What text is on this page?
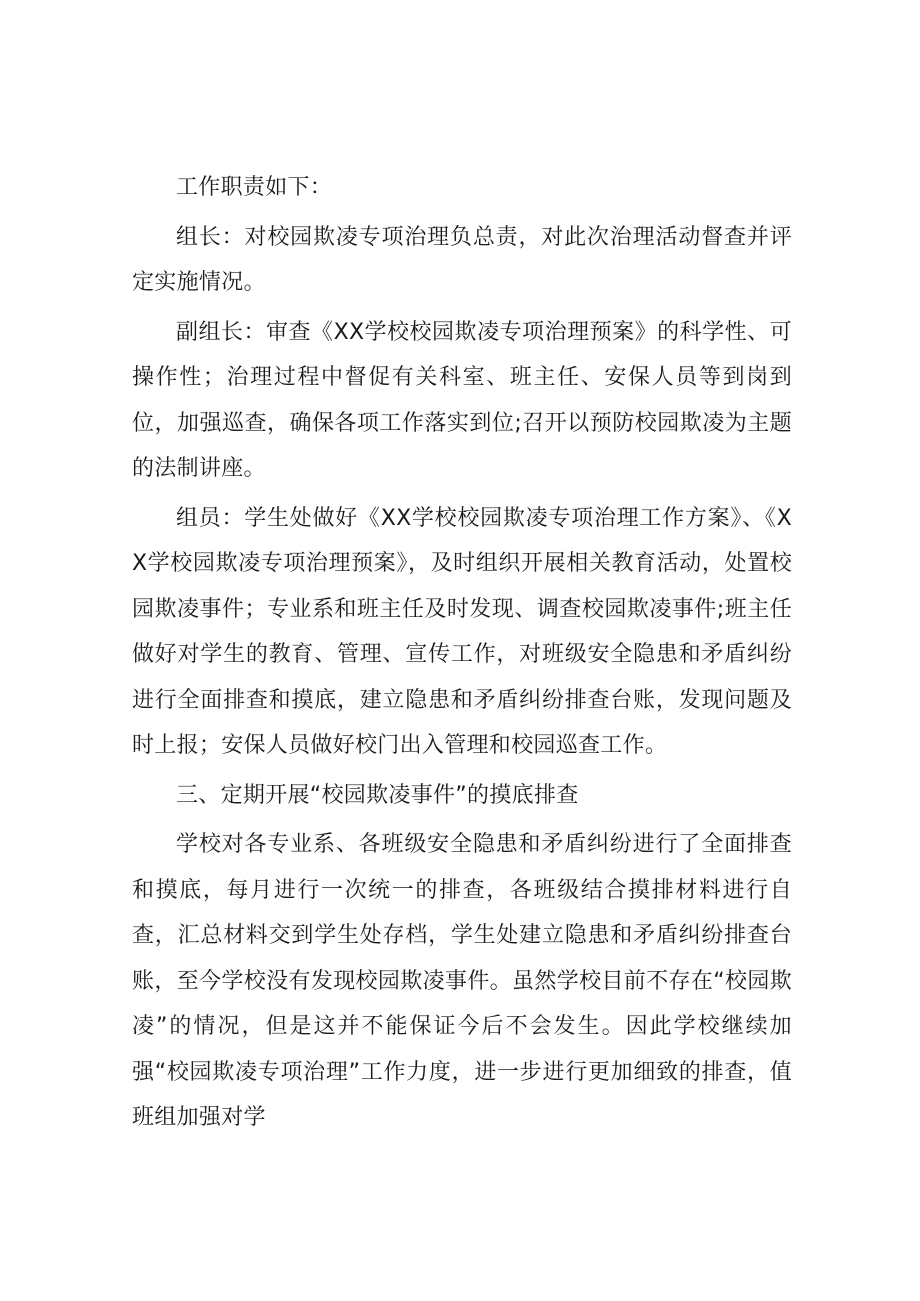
工作职责如下：

组长：对校园欺凌专项治理负总责，对此次治理活动督查并评定实施情况。

副组长：审查《XX学校校园欺凌专项治理预案》的科学性、可操作性；治理过程中督促有关科室、班主任、安保人员等到岗到位，加强巡查，确保各项工作落实到位;召开以预防校园欺凌为主题的法制讲座。

组员：学生处做好《XX学校校园欺凌专项治理工作方案》、《XX学校园欺凌专项治理预案》，及时组织开展相关教育活动，处置校园欺凌事件；专业系和班主任及时发现、调查校园欺凌事件;班主任做好对学生的教育、管理、宣传工作，对班级安全隐患和矛盾纠纷进行全面排查和摸底，建立隐患和矛盾纠纷排查台账，发现问题及时上报；安保人员做好校门出入管理和校园巡查工作。

三、定期开展“校园欺凌事件”的摸底排查

学校对各专业系、各班级安全隐患和矛盾纠纷进行了全面排查和摸底，每月进行一次统一的排查，各班级结合摸排材料进行自查，汇总材料交到学生处存档，学生处建立隐患和矛盾纠纷排查台账，至今学校没有发现校园欺凌事件。虽然学校目前不存在“校园欺凌”的情况，但是这并不能保证今后不会发生。因此学校继续加强“校园欺凌专项治理”工作力度，进一步进行更加细致的排查，值班组加强对学
